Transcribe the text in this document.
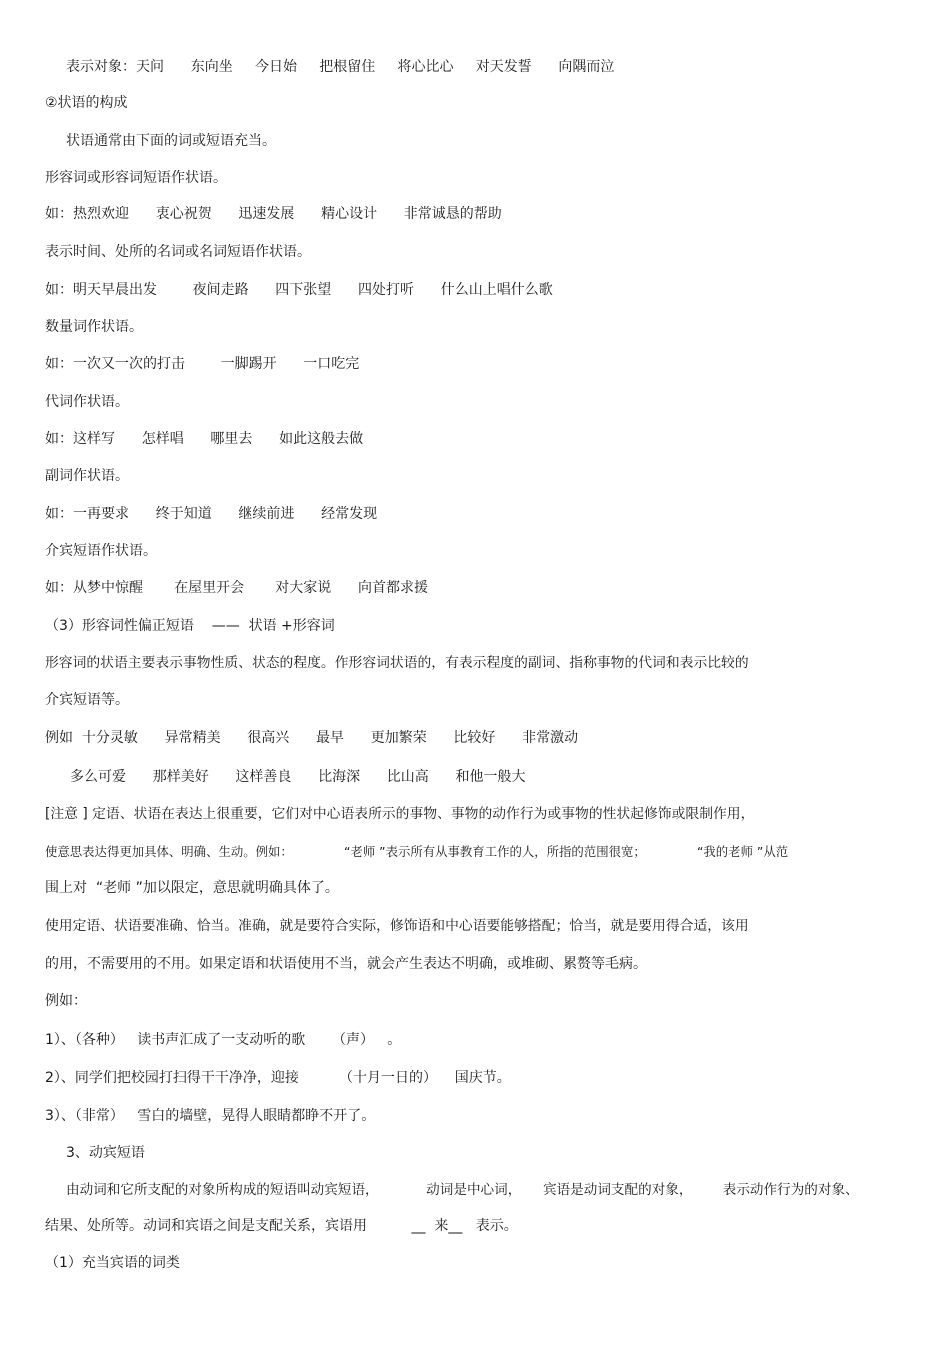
表示对象：天问      东向坐     今日始     把根留住     将心比心     对天发誓      向隅而泣

②状语的构成

状语通常由下面的词或短语充当。

形容词或形容词短语作状语。

如：热烈欢迎      衷心祝贺      迅速发展      精心设计      非常诚恳的帮助

表示时间、处所的名词或名词短语作状语。

如：明天早晨出发        夜间走路      四下张望      四处打听      什么山上唱什么歌

数量词作状语。

如：一次又一次的打击        一脚踢开      一口吃完

代词作状语。

如：这样写      怎样唱      哪里去      如此这般去做

副词作状语。

如：一再要求      终于知道      继续前进      经常发现

介宾短语作状语。

如：从梦中惊醒       在屋里开会       对大家说      向首都求援

（3）形容词性偏正短语    ——  状语 +形容词

形容词的状语主要表示事物性质、状态的程度。作形容词状语的，有表示程度的副词、指称事物的代词和表示比较的

介宾短语等。

例如  十分灵敏      异常精美      很高兴      最早      更加繁荣      比较好      非常激动

多么可爱      那样美好      这样善良      比海深      比山高      和他一般大

[注意 ] 定语、状语在表达上很重要，它们对中心语表所示的事物、事物的动作行为或事物的性状起修饰或限制作用，

使意思表达得更加具体、明确、生动。例如：             “老师 ”表示所有从事教育工作的人，所指的范围很宽；             “我的老师 ”从范

围上对  “老师 ”加以限定，意思就明确具体了。

使用定语、状语要准确、恰当。准确，就是要符合实际，修饰语和中心语要能够搭配；恰当，就是要用得合适，该用

的用，不需要用的不用。如果定语和状语使用不当，就会产生表达不明确，或堆砌、累赘等毛病。

例如：

1）、（各种）   读书声汇成了一支动听的歌      （声）   。

2）、同学们把校园打扫得干干净净，迎接         （十月一日的）    国庆节。

3）、（非常）   雪白的墙壁，晃得人眼睛都睁不开了。

3、动宾短语

由动词和它所支配的对象所构成的短语叫动宾短语，           动词是中心词，     宾语是动词支配的对象，       表示动作行为的对象、

结果、处所等。动词和宾语之间是支配关系，宾语用          __  来__   表示。

（1）充当宾语的词类
